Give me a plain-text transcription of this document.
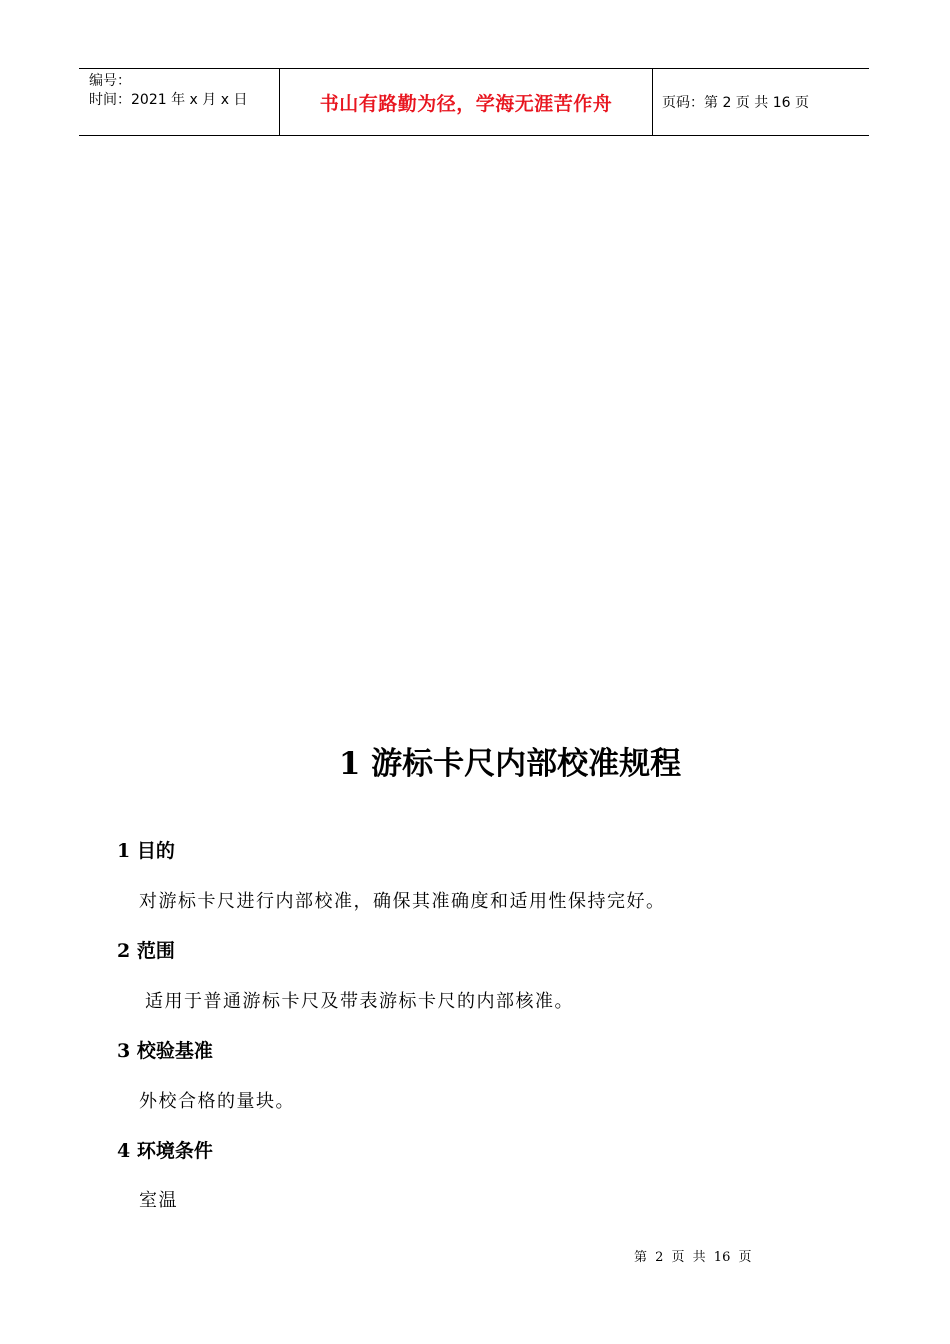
编号：
时间：2021 年 x 月 x 日	书山有路勤为径，学海无涯苦作舟	页码：第 2 页 共 16 页
1 游标卡尺内部校准规程
1 目的
对游标卡尺进行内部校准，确保其准确度和适用性保持完好。
2 范围
适用于普通游标卡尺及带表游标卡尺的内部核准。
3 校验基准
外校合格的量块。
4 环境条件
室温
第 2 页 共 16 页
